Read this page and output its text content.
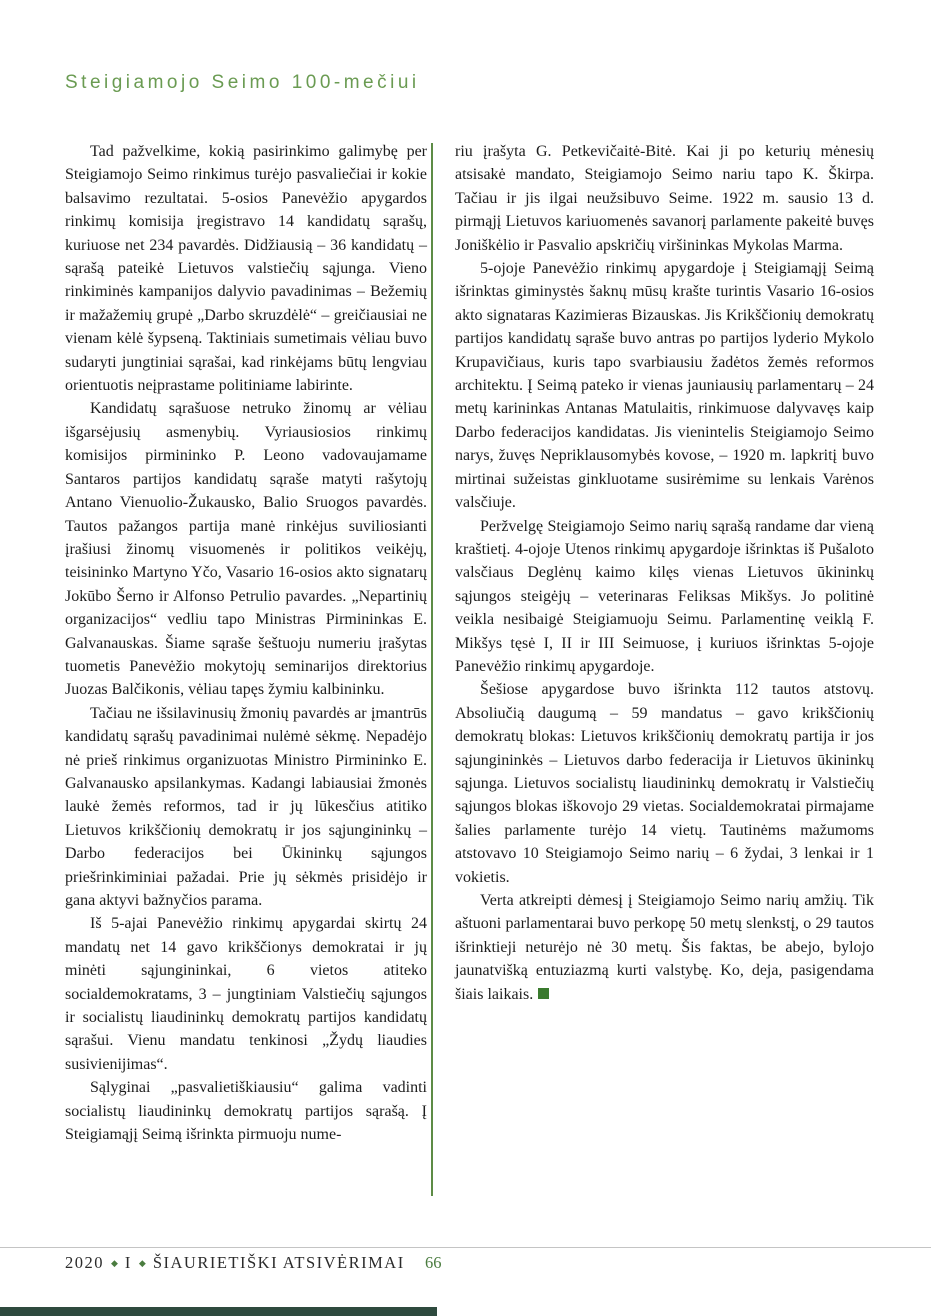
Steigiamojo Seimo 100-mečiui

Tad pažvelkime, kokią pasirinkimo galimybę per Steigiamojo Seimo rinkimus turėjo pasvaliečiai ir kokie balsavimo rezultatai. 5-osios Panevėžio apygardos rinkimų komisija įregistravo 14 kandidatų sąrašų, kuriuose net 234 pavardės. Didžiausią – 36 kandidatų – sąrašą pateikė Lietuvos valstiečių sąjunga. Vieno rinkiminės kampanijos dalyvio pavadinimas – Bežemių ir mažažemių grupė „Darbo skruzdėlė“ – greičiausiai ne vienam kėlė šypseną. Taktiniais sumetimais vėliau buvo sudaryti jungtiniai sąrašai, kad rinkėjams būtų lengviau orientuotis neįprastame politiniame labirinte.

Kandidatų sąrašuose netruko žinomų ar vėliau išgarsėjusių asmenybių. Vyriausiosios rinkimų komisijos pirmininko P. Leono vadovaujamame Santaros partijos kandidatų sąraše matyti rašytojų Antano Vienuolio-Žukausko, Balio Sruogos pavardės. Tautos pažangos partija manė rinkėjus suviliosianti įrašiusi žinomų visuomenės ir politikos veikėjų, teisininko Martyno Yčo, Vasario 16-osios akto signatarų Jokūbo Šerno ir Alfonso Petrulio pavardes. „Nepartinių organizacijos“ vedliu tapo Ministras Pirmininkas E. Galvanauskas. Šiame sąraše šeštuoju numeriu įrašytas tuometis Panevėžio mokytojų seminarijos direktorius Juozas Balčikonis, vėliau tapęs žymiu kalbininku.

Tačiau ne išsilavinusių žmonių pavardės ar įmantrūs kandidatų sąrašų pavadinimai nulėmė sėkmę. Nepadėjo nė prieš rinkimus organizuotas Ministro Pirmininko E. Galvanausko apsilankymas. Kadangi labiausiai žmonės laukė žemės reformos, tad ir jų lūkesčius atitiko Lietuvos krikščionių demokratų ir jos sąjungininkų – Darbo federacijos bei Ūkininkų sąjungos priešrinkiminiai pažadai. Prie jų sėkmės prisidėjo ir gana aktyvi bažnyčios parama.

Iš 5-ajai Panevėžio rinkimų apygardai skirtų 24 mandatų net 14 gavo krikščionys demokratai ir jų minėti sąjungininkai, 6 vietos atiteko socialdemokratams, 3 – jungtiniam Valstiečių sąjungos ir socialistų liaudininkų demokratų partijos kandidatų sąrašui. Vienu mandatu tenkinosi „Žydų liaudies susivienijimas“.

Sąlyginai „pasvalietiškiausiu“ galima vadinti socialistų liaudininkų demokratų partijos sąrašą. Į Steigiamąjį Seimą išrinkta pirmuoju nume-

riu įrašyta G. Petkevičaitė-Bitė. Kai ji po keturių mėnesių atsisakė mandato, Steigiamojo Seimo nariu tapo K. Škirpa. Tačiau ir jis ilgai neužsibuvo Seime. 1922 m. sausio 13 d. pirmąjį Lietuvos kariuomenės savanorį parlamente pakeitė buvęs Joniškėlio ir Pasvalio apskričių viršininkas Mykolas Marma.

5-ojoje Panevėžio rinkimų apygardoje į Steigiamąjį Seimą išrinktas giminystės šaknų mūsų krašte turintis Vasario 16-osios akto signataras Kazimieras Bizauskas. Jis Krikščionių demokratų partijos kandidatų sąraše buvo antras po partijos lyderio Mykolo Krupavičiaus, kuris tapo svarbiausiu žadėtos žemės reformos architektu. Į Seimą pateko ir vienas jauniausių parlamentarų – 24 metų karininkas Antanas Matulaitis, rinkimuose dalyvavęs kaip Darbo federacijos kandidatas. Jis vienintelis Steigiamojo Seimo narys, žuvęs Nepriklausomybės kovose, – 1920 m. lapkritį buvo mirtinai sužeistas ginkluotame susirėmime su lenkais Varėnos valsčiuje.

Peržvelgę Steigiamojo Seimo narių sąrašą randame dar vieną kraštietį. 4-ojoje Utenos rinkimų apygardoje išrinktas iš Pušaloto valsčiaus Deglėnų kaimo kilęs vienas Lietuvos ūkininkų sąjungos steigėjų – veterinaras Feliksas Mikšys. Jo politinė veikla nesibaigė Steigiamuoju Seimu. Parlamentinę veiklą F. Mikšys tęsė I, II ir III Seimuose, į kuriuos išrinktas 5-ojoje Panevėžio rinkimų apygardoje.

Šešiose apygardose buvo išrinkta 112 tautos atstovų. Absoliučią daugumą – 59 mandatus – gavo krikščionių demokratų blokas: Lietuvos krikščionių demokratų partija ir jos sąjungininkės – Lietuvos darbo federacija ir Lietuvos ūkininkų sąjunga. Lietuvos socialistų liaudininkų demokratų ir Valstiečių sąjungos blokas iškovojo 29 vietas. Socialdemokratai pirmajame šalies parlamente turėjo 14 vietų. Tautinėms mažumoms atstovavo 10 Steigiamojo Seimo narių – 6 žydai, 3 lenkai ir 1 vokietis.

Verta atkreipti dėmesį į Steigiamojo Seimo narių amžių. Tik aštuoni parlamentarai buvo perkopę 50 metų slenkstį, o 29 tautos išrinktieji neturėjo nė 30 metų. Šis faktas, be abejo, bylojo jaunatvišką entuziazmą kurti valstybę. Ko, deja, pasigendama šiais laikais.

2020 ◆ I ◆ ŠIAURIETIŠKI ATSIVĖRIMAI 66
